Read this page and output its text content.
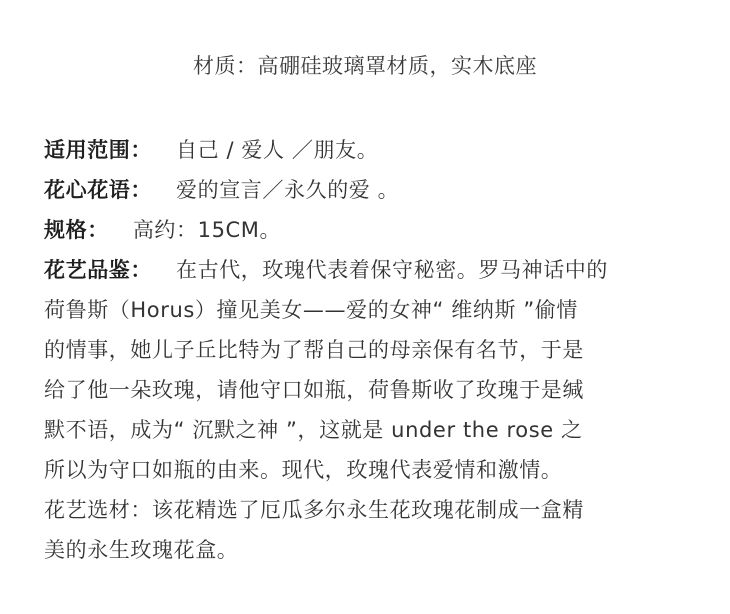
材质：高硼硅玻璃罩材质，实木底座
适用范围： 自己 / 爱人 ／朋友。
花心花语： 爱的宣言／永久的爱 。
规格： 高约：15CM。
花艺品鉴： 在古代，玫瑰代表着保守秘密。罗马神话中的
荷鲁斯（Horus）撞见美女——爱的女神“ 维纳斯 ”偷情
的情事，她儿子丘比特为了帮自己的母亲保有名节，于是
给了他一朵玫瑰，请他守口如瓶，荷鲁斯收了玫瑰于是缄
默不语，成为“ 沉默之神 ”，这就是 under the rose 之
所以为守口如瓶的由来。现代，玫瑰代表爱情和激情。
花艺选材：该花精选了厄瓜多尔永生花玫瑰花制成一盒精
美的永生玫瑰花盒。
